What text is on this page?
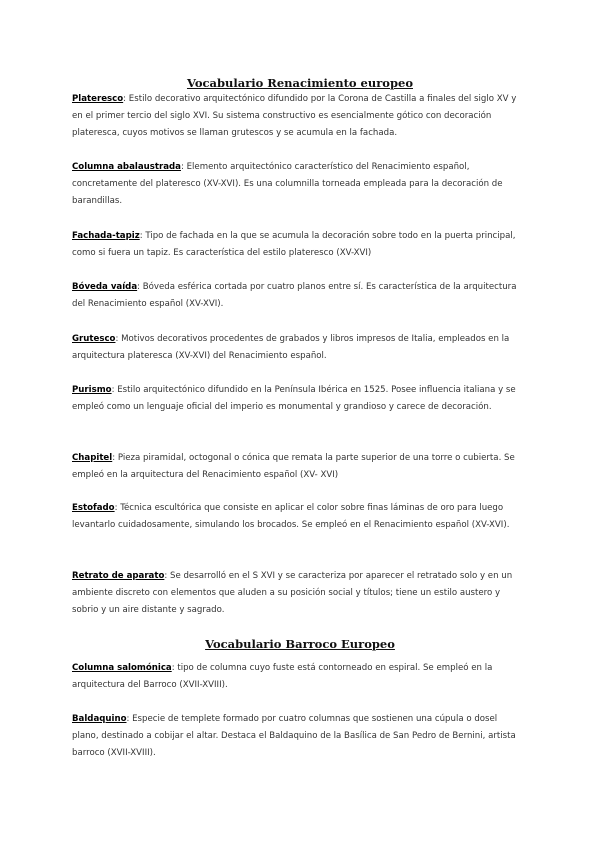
Vocabulario Renacimiento europeo
Plateresco: Estilo decorativo arquitectónico difundido por la Corona de Castilla a finales del siglo XV y en el primer tercio del siglo XVI. Su sistema constructivo es esencialmente gótico con decoración plateresca, cuyos motivos se llaman grutescos y se acumula en la fachada.
Columna abalaustrada: Elemento arquitectónico característico del Renacimiento español, concretamente del plateresco (XV-XVI). Es una columnilla torneada empleada para la decoración de barandillas.
Fachada-tapiz: Tipo de fachada en la que se acumula la decoración sobre todo en la puerta principal, como si fuera un tapiz. Es característica del estilo plateresco (XV-XVI)
Bóveda vaída: Bóveda esférica cortada por cuatro planos entre sí. Es característica de la arquitectura del Renacimiento español (XV-XVI).
Grutesco: Motivos decorativos procedentes de grabados y libros impresos de Italia, empleados en la arquitectura plateresca (XV-XVI) del Renacimiento español.
Purismo: Estilo arquitectónico difundido en la Península Ibérica en 1525. Posee influencia italiana y se empleó como un lenguaje oficial del imperio es monumental y grandioso y carece de decoración.
Chapitel: Pieza piramidal, octogonal o cónica que remata la parte superior de una torre o cubierta. Se empleó en la arquitectura del Renacimiento español (XV- XVI)
Estofado: Técnica escultórica que consiste en aplicar el color sobre finas láminas de oro para luego levantarlo cuidadosamente, simulando los brocados. Se empleó en el Renacimiento español (XV-XVI).
Retrato de aparato: Se desarrolló en el S XVI y se caracteriza por aparecer el retratado solo y en un ambiente discreto con elementos que aluden a su posición social y títulos; tiene un estilo austero y sobrio y un aire distante y sagrado.
Vocabulario Barroco Europeo
Columna salomónica: tipo de columna cuyo fuste está contorneado en espiral. Se empleó en la arquitectura del Barroco (XVII-XVIII).
Baldaquino: Especie de templete formado por cuatro columnas que sostienen una cúpula o dosel plano, destinado a cobijar el altar. Destaca el Baldaquino de la Basílica de San Pedro de Bernini, artista barroco (XVII-XVIII).
